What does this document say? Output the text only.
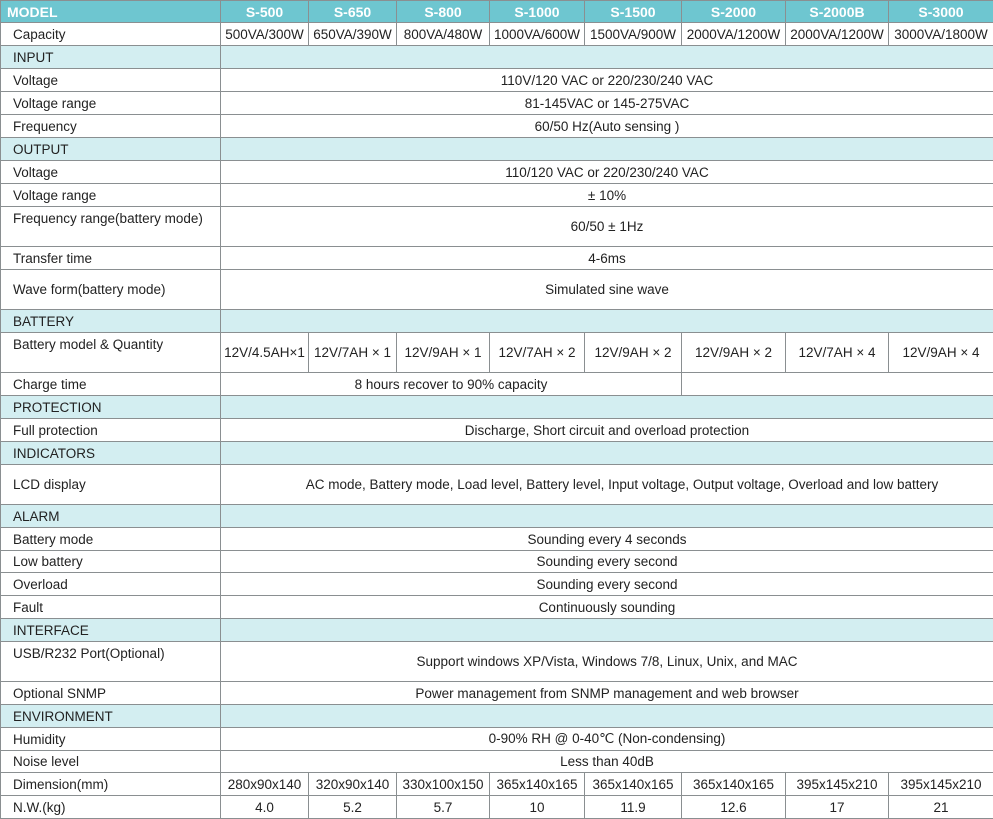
MODEL	S-500	S-650	S-800	S-1000	S-1500	S-2000	S-2000B	S-3000
Capacity	500VA/300W	650VA/390W	800VA/480W	1000VA/600W	1500VA/900W	2000VA/1200W	2000VA/1200W	3000VA/1800W
INPUT								
Voltage	110V/120 VAC or 220/230/240 VAC							
Voltage range	81-145VAC or 145-275VAC							
Frequency	60/50 Hz(Auto sensing )							
OUTPUT								
Voltage	110/120 VAC or 220/230/240 VAC							
Voltage range	± 10%							
Frequency range(battery mode)	60/50 ± 1Hz							
Transfer time	4-6ms							
Wave form(battery mode)	Simulated sine wave							
BATTERY								
Battery model & Quantity	12V/4.5AH×1	12V/7AH × 1	12V/9AH × 1	12V/7AH × 2	12V/9AH × 2	12V/9AH × 2	12V/7AH × 4	12V/9AH × 4
Charge time	8 hours recover to 90% capacity							
PROTECTION								
Full protection	Discharge, Short circuit and overload protection							
INDICATORS								
LCD display	AC mode, Battery mode, Load level, Battery level, Input voltage, Output voltage, Overload and low battery							
ALARM								
Battery mode	Sounding every 4 seconds							
Low battery	Sounding every second							
Overload	Sounding every second							
Fault	Continuously sounding							
INTERFACE								
USB/R232 Port(Optional)	Support windows XP/Vista, Windows 7/8, Linux, Unix, and MAC							
Optional SNMP	Power management from SNMP management and web browser							
ENVIRONMENT								
Humidity	0-90% RH @ 0-40℃ (Non-condensing)							
Noise level	Less than 40dB							
Dimension(mm)	280x90x140	320x90x140	330x100x150	365x140x165	365x140x165	365x140x165	395x145x210	395x145x210
N.W.(kg)	4.0	5.2	5.7	10	11.9	12.6	17	21
